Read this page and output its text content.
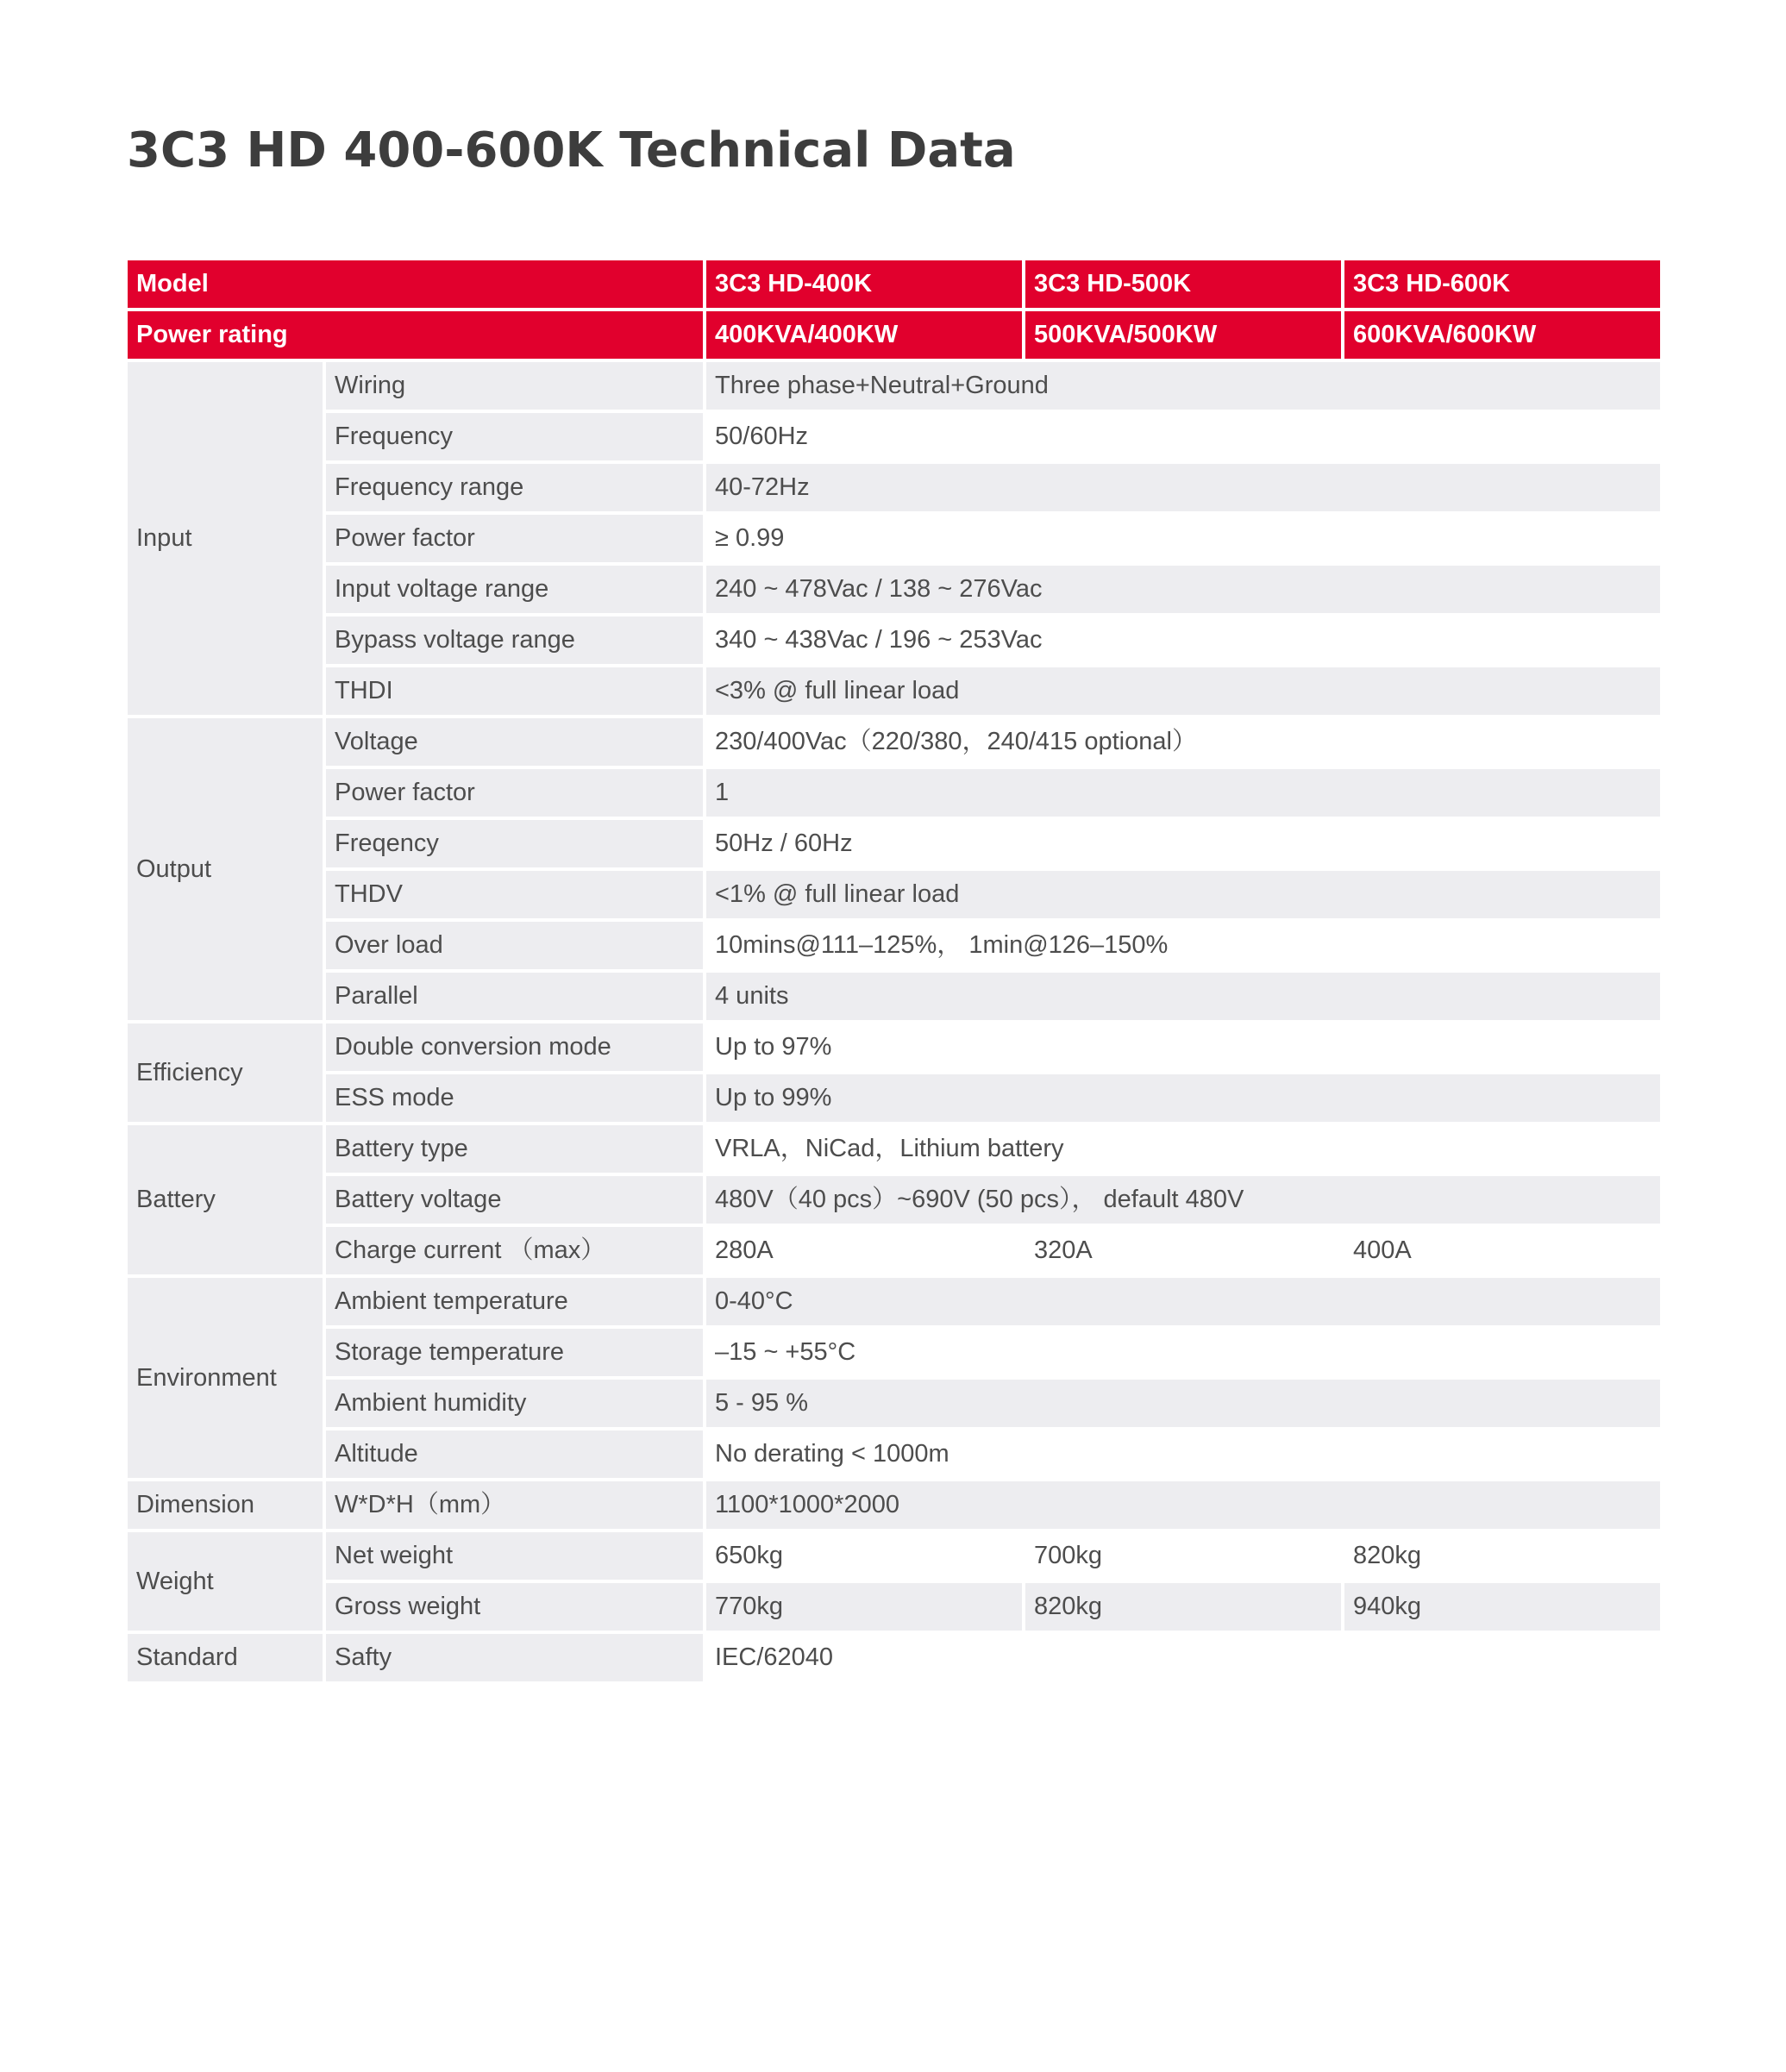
3C3 HD 400-600K Technical Data
Model		3C3 HD-400K	3C3 HD-500K	3C3 HD-600K
Power rating		400KVA/400KW	500KVA/500KW	600KVA/600KW
Input	Wiring	Three phase+Neutral+Ground		
	Frequency	50/60Hz		
	Frequency range	40-72Hz		
	Power factor	≥ 0.99		
	Input voltage range	240 ~ 478Vac / 138 ~ 276Vac		
	Bypass voltage range	340 ~ 438Vac / 196 ~ 253Vac		
	THDI	<3% @ full linear load		
Output	Voltage	230/400Vac（220/380，240/415 optional）		
	Power factor	1		
	Freqency	50Hz / 60Hz		
	THDV	<1% @ full linear load		
	Over load	10mins@111–125%， 1min@126–150%		
	Parallel	4 units		
Efficiency	Double conversion mode	Up to 97%		
	ESS mode	Up to 99%		
Battery	Battery type	VRLA，NiCad，Lithium battery		
	Battery voltage	480V（40 pcs）~690V (50 pcs）， default 480V		
	Charge current （max）	280A	320A	400A
Environment	Ambient temperature	0-40°C		
	Storage temperature	–15 ~ +55°C		
	Ambient humidity	5 - 95 %		
	Altitude	No derating < 1000m		
Dimension	W*D*H（mm）	1100*1000*2000		
Weight	Net weight	650kg	700kg	820kg
	Gross weight	770kg	820kg	940kg
Standard	Safty	IEC/62040		
